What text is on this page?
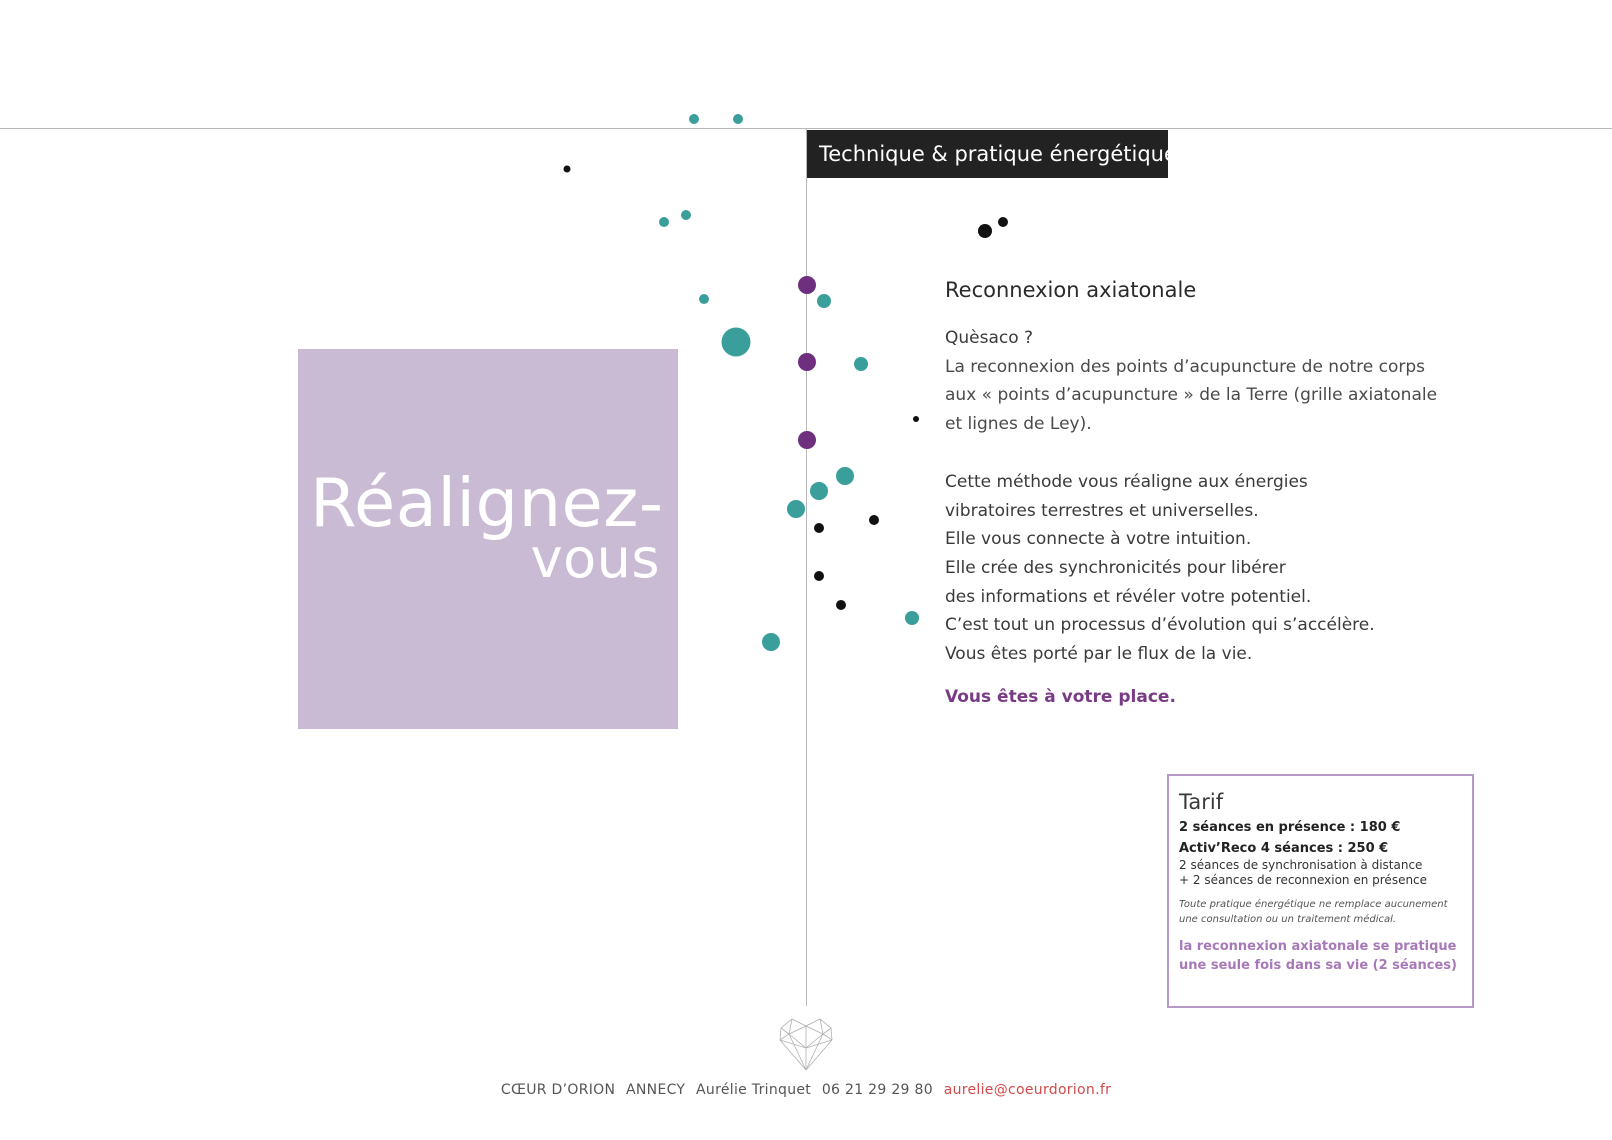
Technique & pratique énergétique
Réalignez-
vous
Reconnexion axiatonale
Quèsaco ?
La reconnexion des points d’acupuncture de notre corps
aux « points d’acupuncture » de la Terre (grille axiatonale
et lignes de Ley).
Cette méthode vous réaligne aux énergies
vibratoires terrestres et universelles.
Elle vous connecte à votre intuition.
Elle crée des synchronicités pour libérer
des informations et révéler votre potentiel.
C’est tout un processus d’évolution qui s’accélère.
Vous êtes porté par le flux de la vie.
Vous êtes à votre place.
Tarif
2 séances en présence : 180 €
Activ’Reco 4 séances : 250 €
2 séances de synchronisation à distance
+ 2 séances de reconnexion en présence
Toute pratique énergétique ne remplace aucunement
une consultation ou un traitement médical.
la reconnexion axiatonale se pratique
une seule fois dans sa vie (2 séances)
CŒUR D’ORION ANNECY Aurélie Trinquet 06 21 29 29 80 aurelie@coeurdorion.fr
